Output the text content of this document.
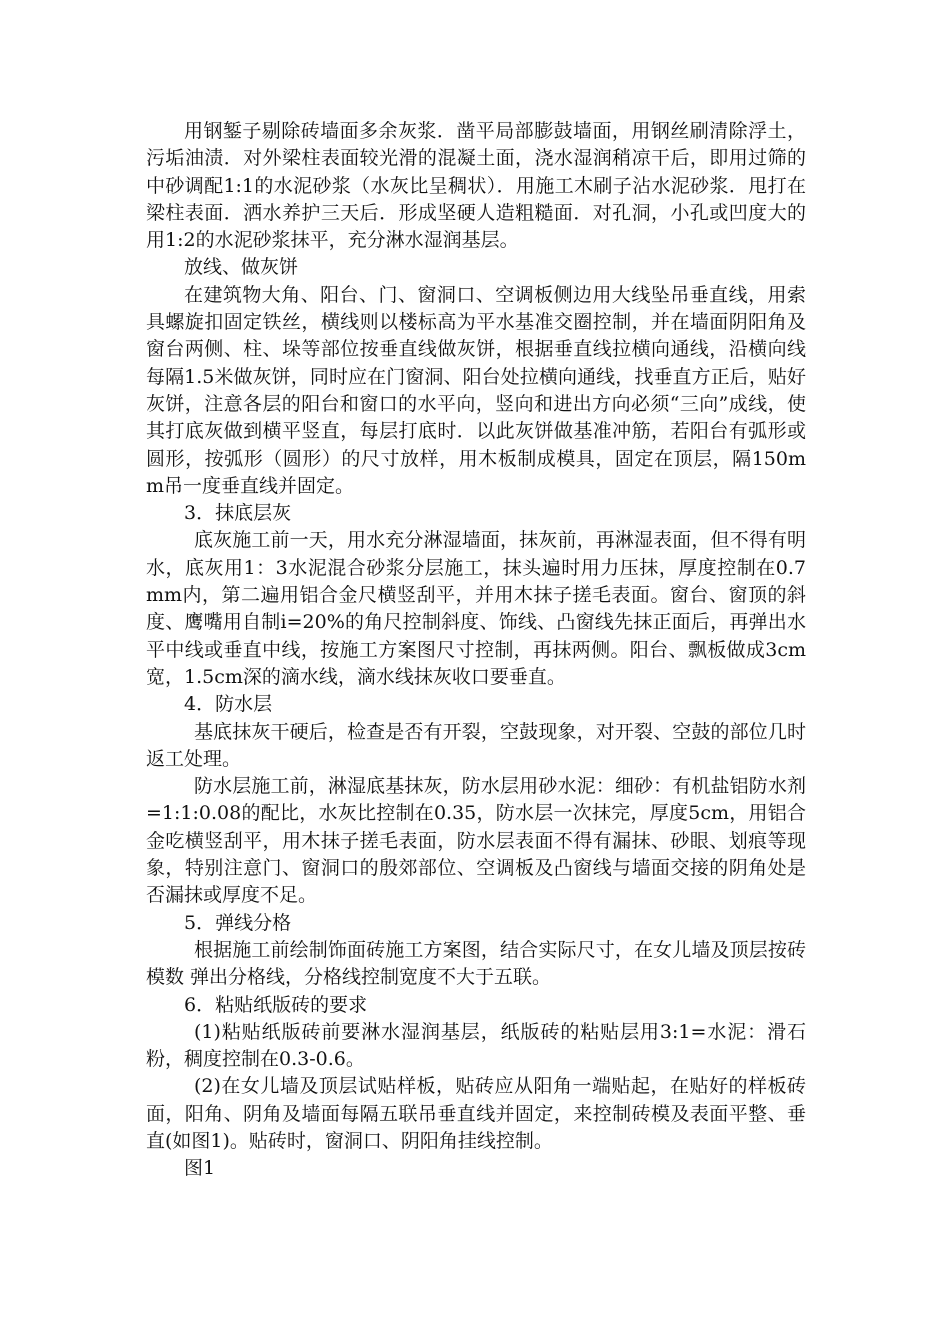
用钢錾子剔除砖墙面多余灰浆．凿平局部膨鼓墙面，用钢丝刷清除浮土，污垢油渍．对外梁柱表面较光滑的混凝土面，浇水湿润稍凉干后，即用过筛的中砂调配1:1的水泥砂浆（水灰比呈稠状）．用施工木刷子沾水泥砂浆．甩打在梁柱表面．洒水养护三天后．形成坚硬人造粗糙面．对孔洞，小孔或凹度大的用1:2的水泥砂浆抹平，充分淋水湿润基层。

放线、做灰饼

在建筑物大角、阳台、门、窗洞口、空调板侧边用大线坠吊垂直线，用索具螺旋扣固定铁丝，横线则以楼标高为平水基准交圈控制，并在墙面阴阳角及窗台两侧、柱、垛等部位按垂直线做灰饼，根据垂直线拉横向通线，沿横向线每隔1.5米做灰饼，同时应在门窗洞、阳台处拉横向通线，找垂直方正后，贴好灰饼，注意各层的阳台和窗口的水平向，竖向和进出方向必须“三向”成线，使其打底灰做到横平竖直，每层打底时．以此灰饼做基准冲筋，若阳台有弧形或圆形，按弧形（圆形）的尺寸放样，用木板制成模具，固定在顶层，隔150mm吊一度垂直线并固定。

3．抹底层灰

底灰施工前一天，用水充分淋湿墙面，抹灰前，再淋湿表面，但不得有明水，底灰用1：3水泥混合砂浆分层施工，抹头遍时用力压抹，厚度控制在0.7mm内，第二遍用铝合金尺横竖刮平，并用木抹子搓毛表面。窗台、窗顶的斜度、鹰嘴用自制i=20%的角尺控制斜度、饰线、凸窗线先抹正面后，再弹出水平中线或垂直中线，按施工方案图尺寸控制，再抹两侧。阳台、飘板做成3cm宽，1.5cm深的滴水线，滴水线抹灰收口要垂直。

4．防水层

基底抹灰干硬后，检查是否有开裂，空鼓现象，对开裂、空鼓的部位几时返工处理。

防水层施工前，淋湿底基抹灰，防水层用砂水泥：细砂：有机盐铝防水剂=1:1:0.08的配比，水灰比控制在0.35，防水层一次抹完，厚度5cm，用铝合金吃横竖刮平，用木抹子搓毛表面，防水层表面不得有漏抹、砂眼、划痕等现象，特别注意门、窗洞口的殷郊部位、空调板及凸窗线与墙面交接的阴角处是否漏抹或厚度不足。

5．弹线分格

根据施工前绘制饰面砖施工方案图，结合实际尺寸，在女儿墙及顶层按砖模数 弹出分格线，分格线控制宽度不大于五联。

6．粘贴纸版砖的要求

(1)粘贴纸版砖前要淋水湿润基层，纸版砖的粘贴层用3:1=水泥：滑石粉，稠度控制在0.3-0.6。

(2)在女儿墙及顶层试贴样板，贴砖应从阳角一端贴起，在贴好的样板砖面，阳角、阴角及墙面每隔五联吊垂直线并固定，来控制砖模及表面平整、垂直(如图1)。贴砖时，窗洞口、阴阳角挂线控制。

图1
